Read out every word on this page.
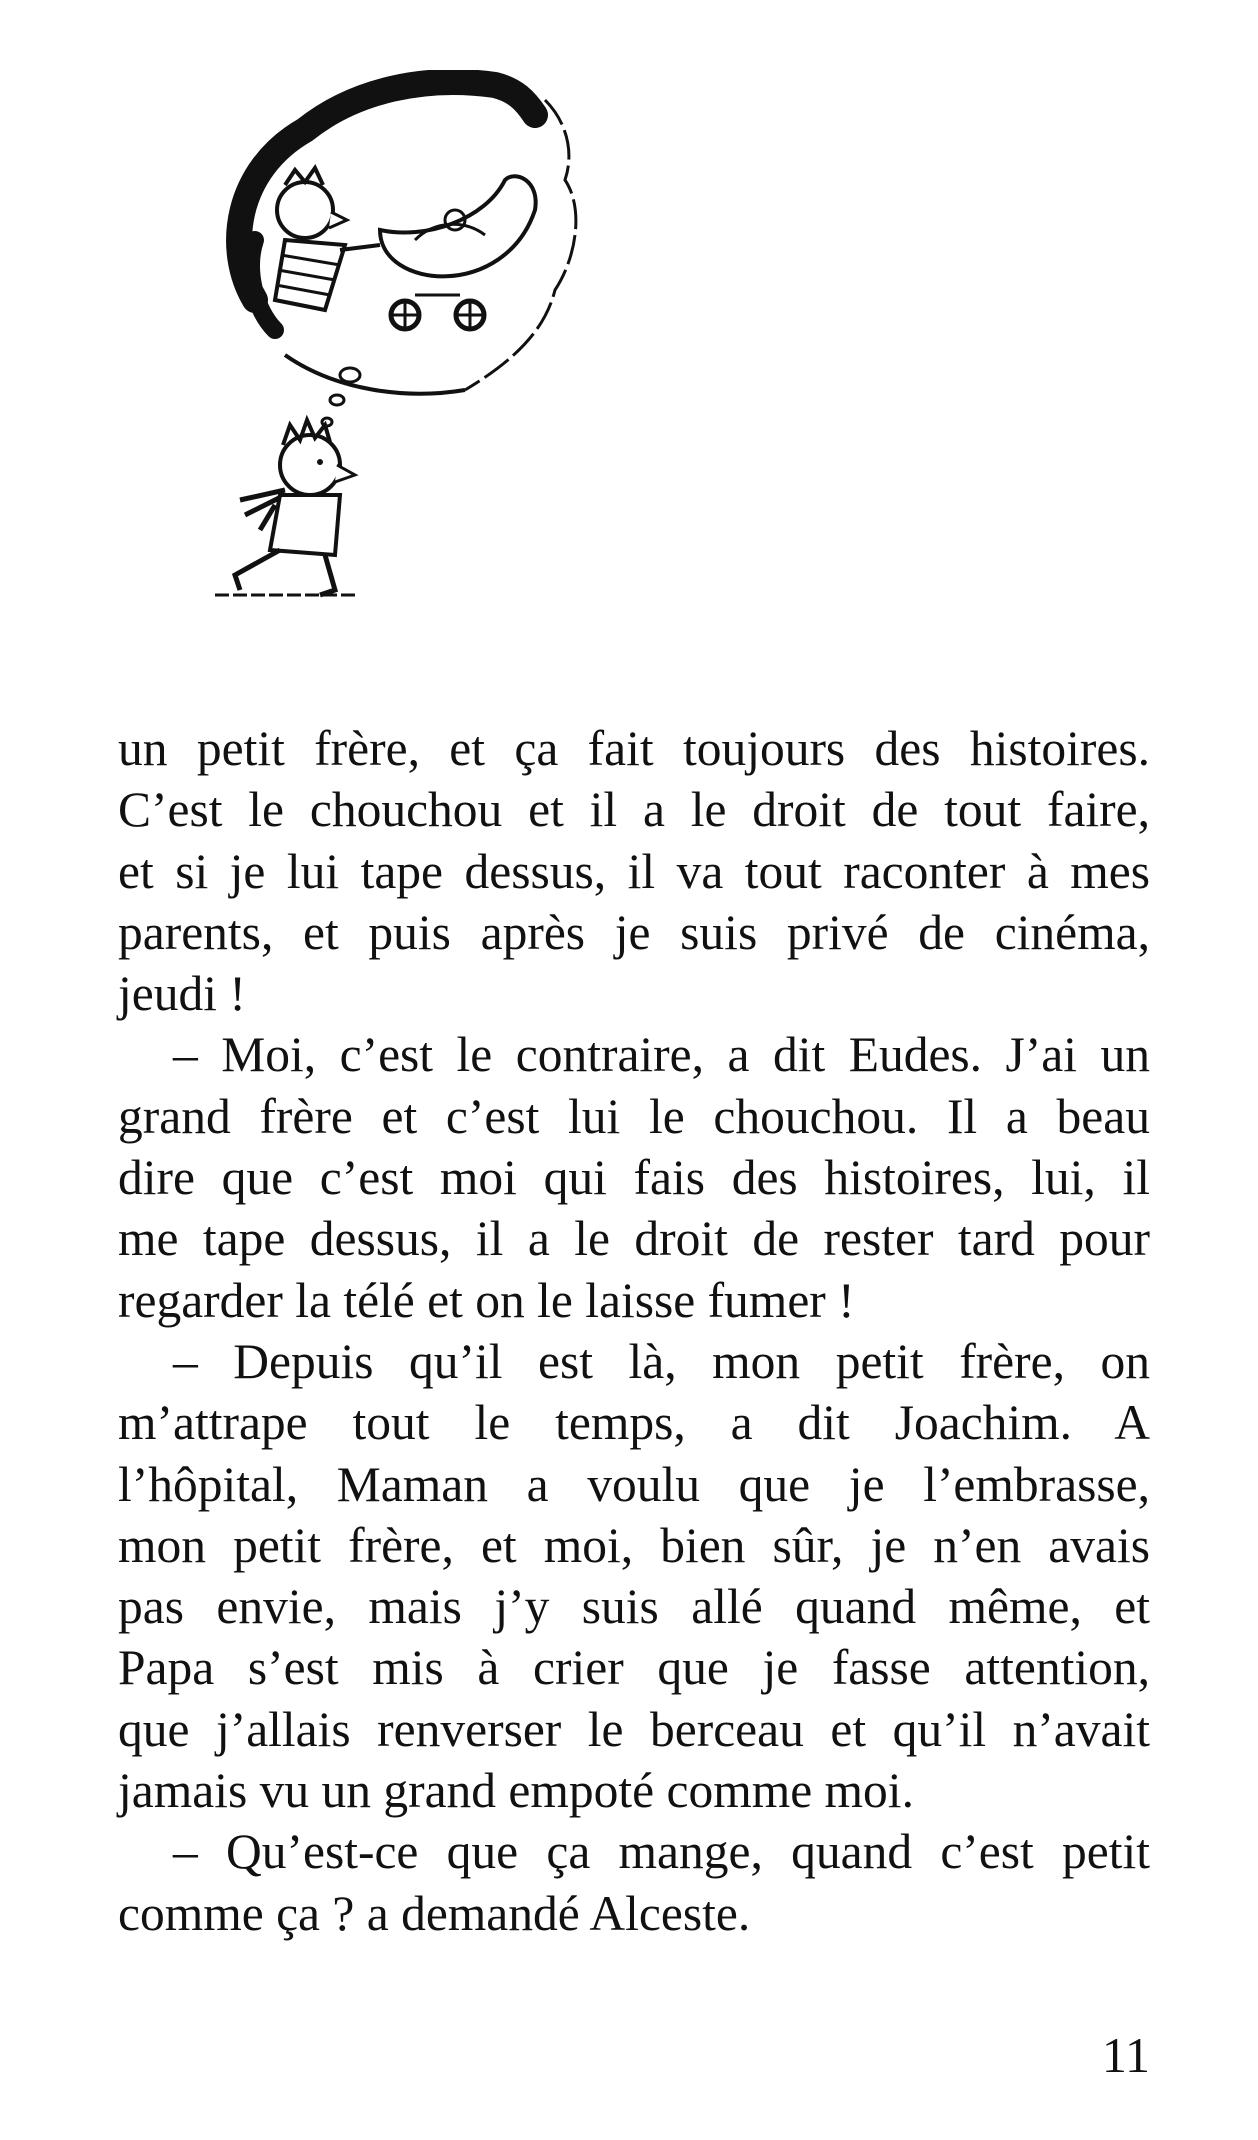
un petit frère, et ça fait toujours des histoires.
C’est le chouchou et il a le droit de tout faire,
et si je lui tape dessus, il va tout raconter à mes
parents, et puis après je suis privé de cinéma,
jeudi !
– Moi, c’est le contraire, a dit Eudes. J’ai un
grand frère et c’est lui le chouchou. Il a beau
dire que c’est moi qui fais des histoires, lui, il
me tape dessus, il a le droit de rester tard pour
regarder la télé et on le laisse fumer !
– Depuis qu’il est là, mon petit frère, on
m’attrape tout le temps, a dit Joachim. A
l’hôpital, Maman a voulu que je l’embrasse,
mon petit frère, et moi, bien sûr, je n’en avais
pas envie, mais j’y suis allé quand même, et
Papa s’est mis à crier que je fasse attention,
que j’allais renverser le berceau et qu’il n’avait
jamais vu un grand empoté comme moi.
– Qu’est-ce que ça mange, quand c’est petit
comme ça ? a demandé Alceste.
11
